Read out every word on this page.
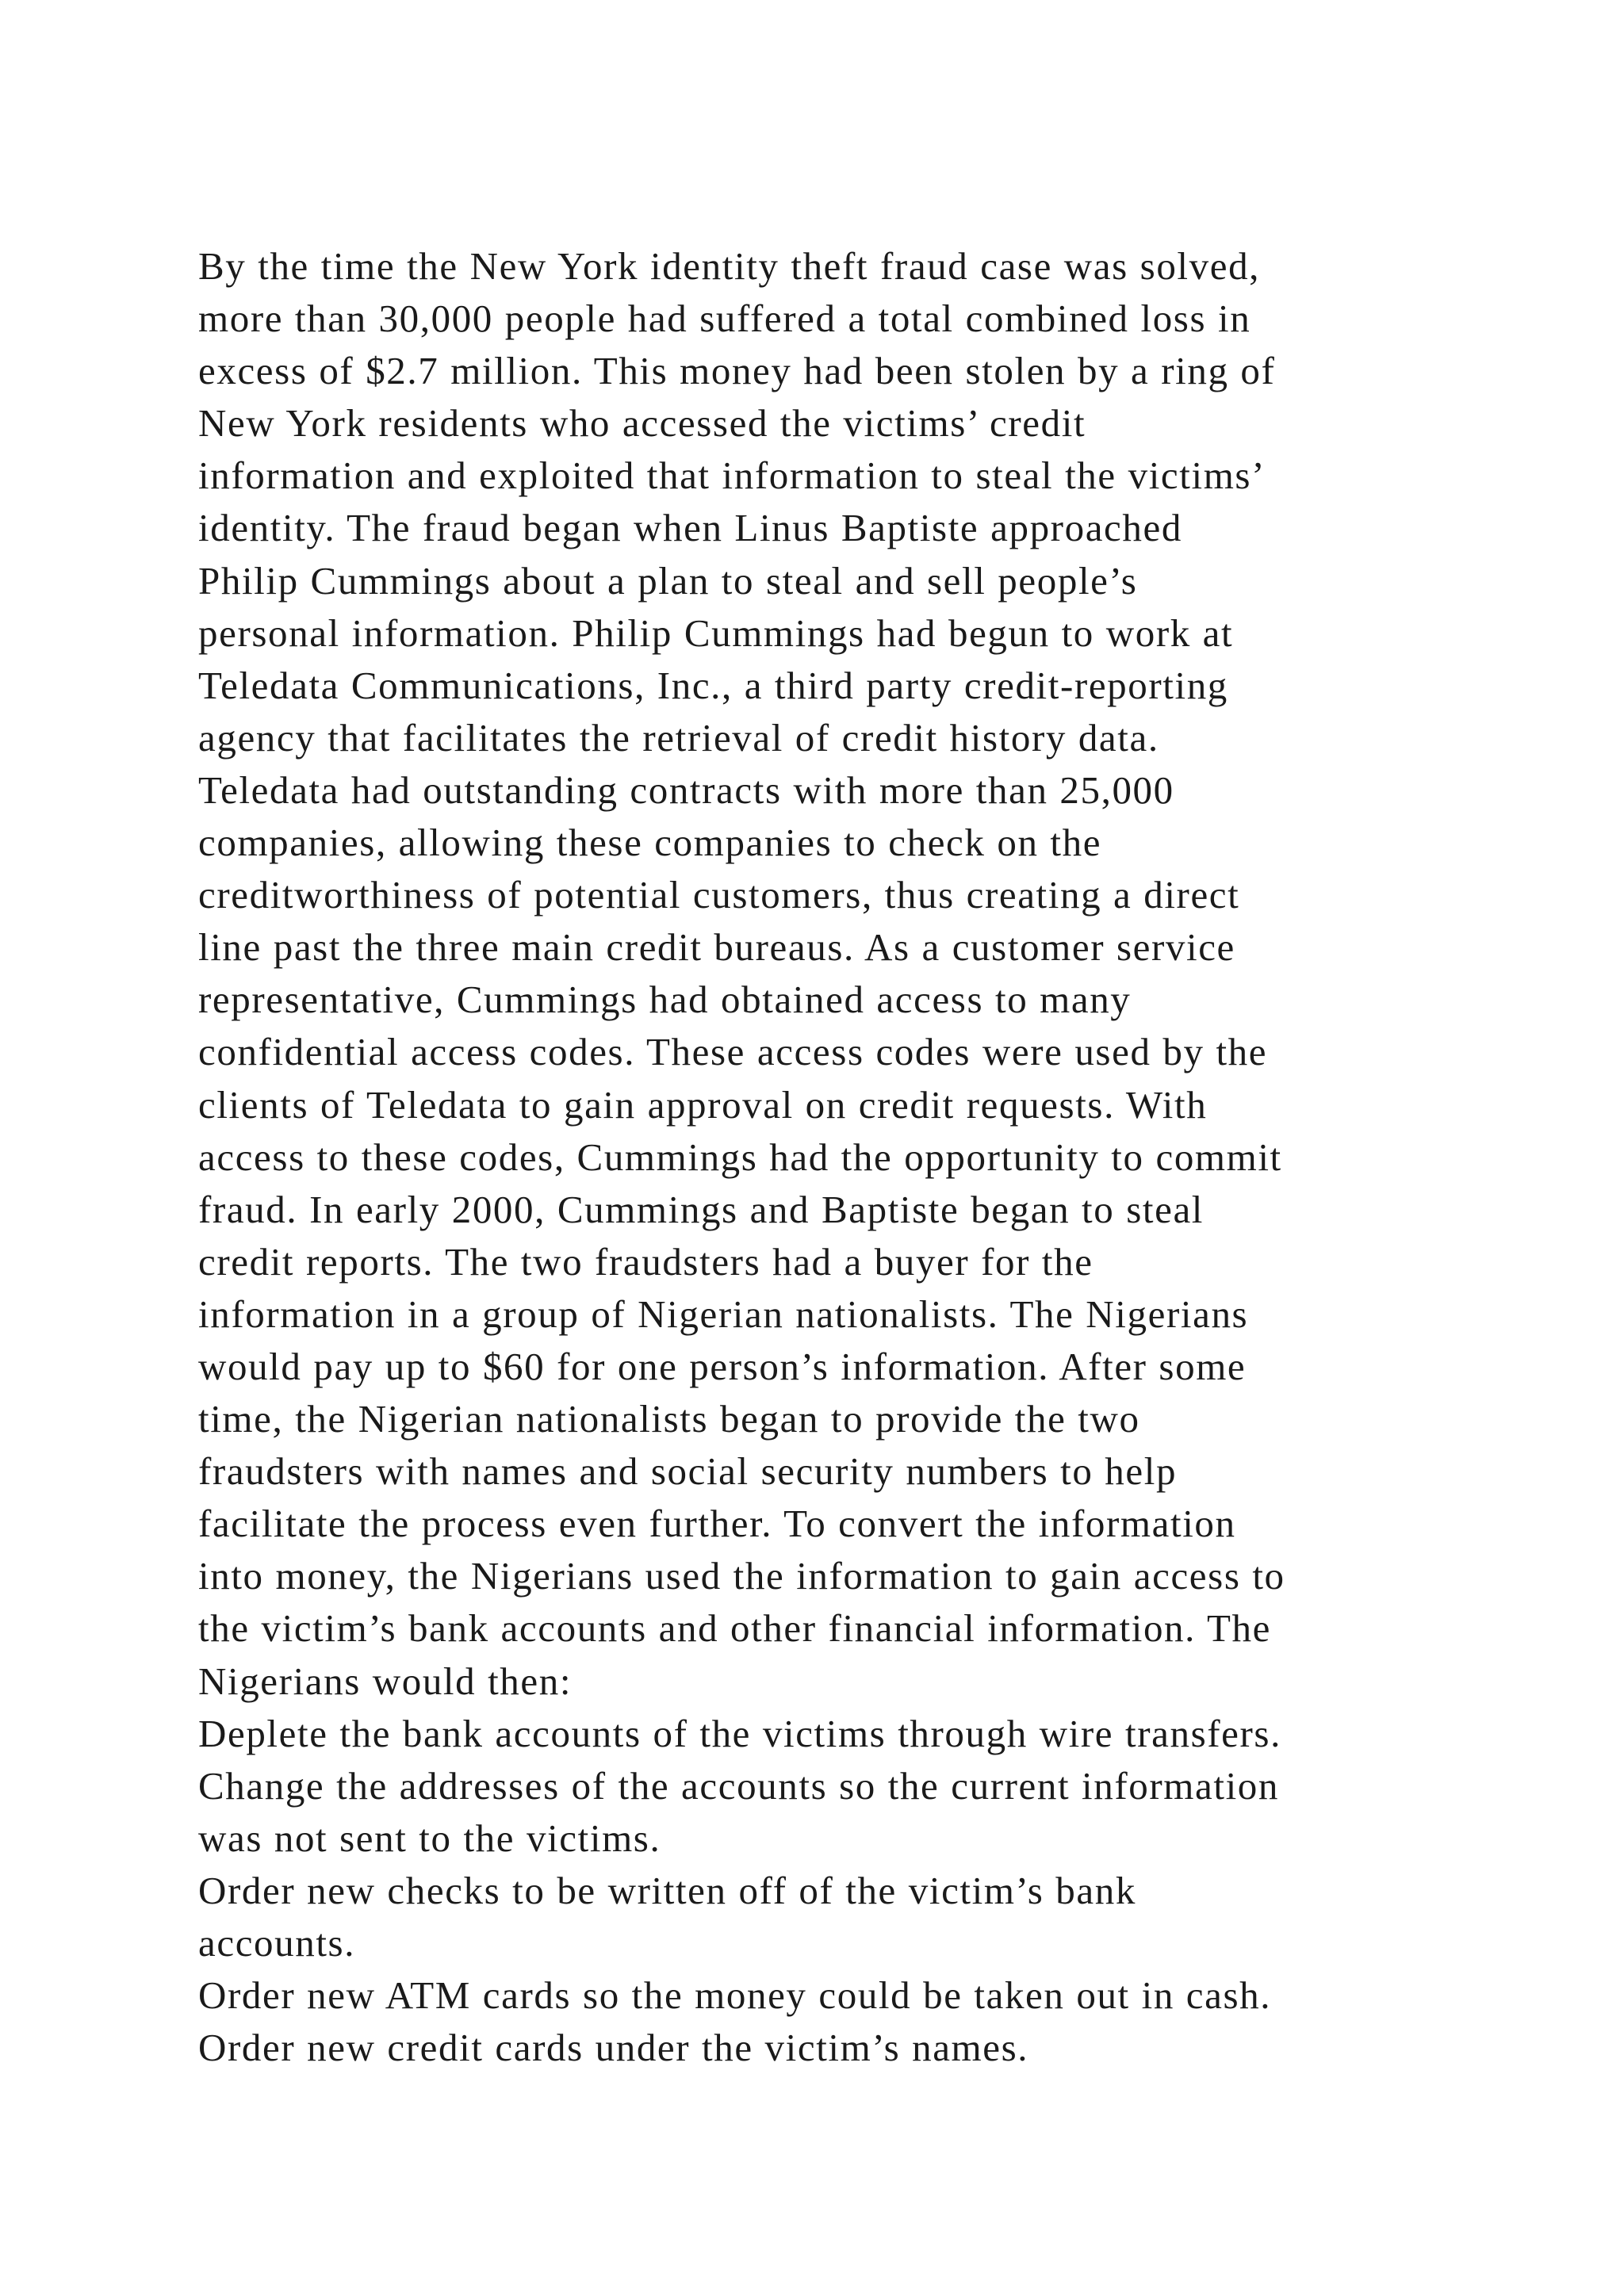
By the time the New York identity theft fraud case was solved,
more than 30,000 people had suffered a total combined loss in
excess of $2.7 million. This money had been stolen by a ring of
New York residents who accessed the victims’ credit
information and exploited that information to steal the victims’
identity. The fraud began when Linus Baptiste approached
Philip Cummings about a plan to steal and sell people’s
personal information. Philip Cummings had begun to work at
Teledata Communications, Inc., a third party credit-reporting
agency that facilitates the retrieval of credit history data.
Teledata had outstanding contracts with more than 25,000
companies, allowing these companies to check on the
creditworthiness of potential customers, thus creating a direct
line past the three main credit bureaus. As a customer service
representative, Cummings had obtained access to many
confidential access codes. These access codes were used by the
clients of Teledata to gain approval on credit requests. With
access to these codes, Cummings had the opportunity to commit
fraud. In early 2000, Cummings and Baptiste began to steal
credit reports. The two fraudsters had a buyer for the
information in a group of Nigerian nationalists. The Nigerians
would pay up to $60 for one person’s information. After some
time, the Nigerian nationalists began to provide the two
fraudsters with names and social security numbers to help
facilitate the process even further. To convert the information
into money, the Nigerians used the information to gain access to
the victim’s bank accounts and other financial information. The
Nigerians would then:
Deplete the bank accounts of the victims through wire transfers.
Change the addresses of the accounts so the current information
was not sent to the victims.
Order new checks to be written off of the victim’s bank
accounts.
Order new ATM cards so the money could be taken out in cash.
Order new credit cards under the victim’s names.
